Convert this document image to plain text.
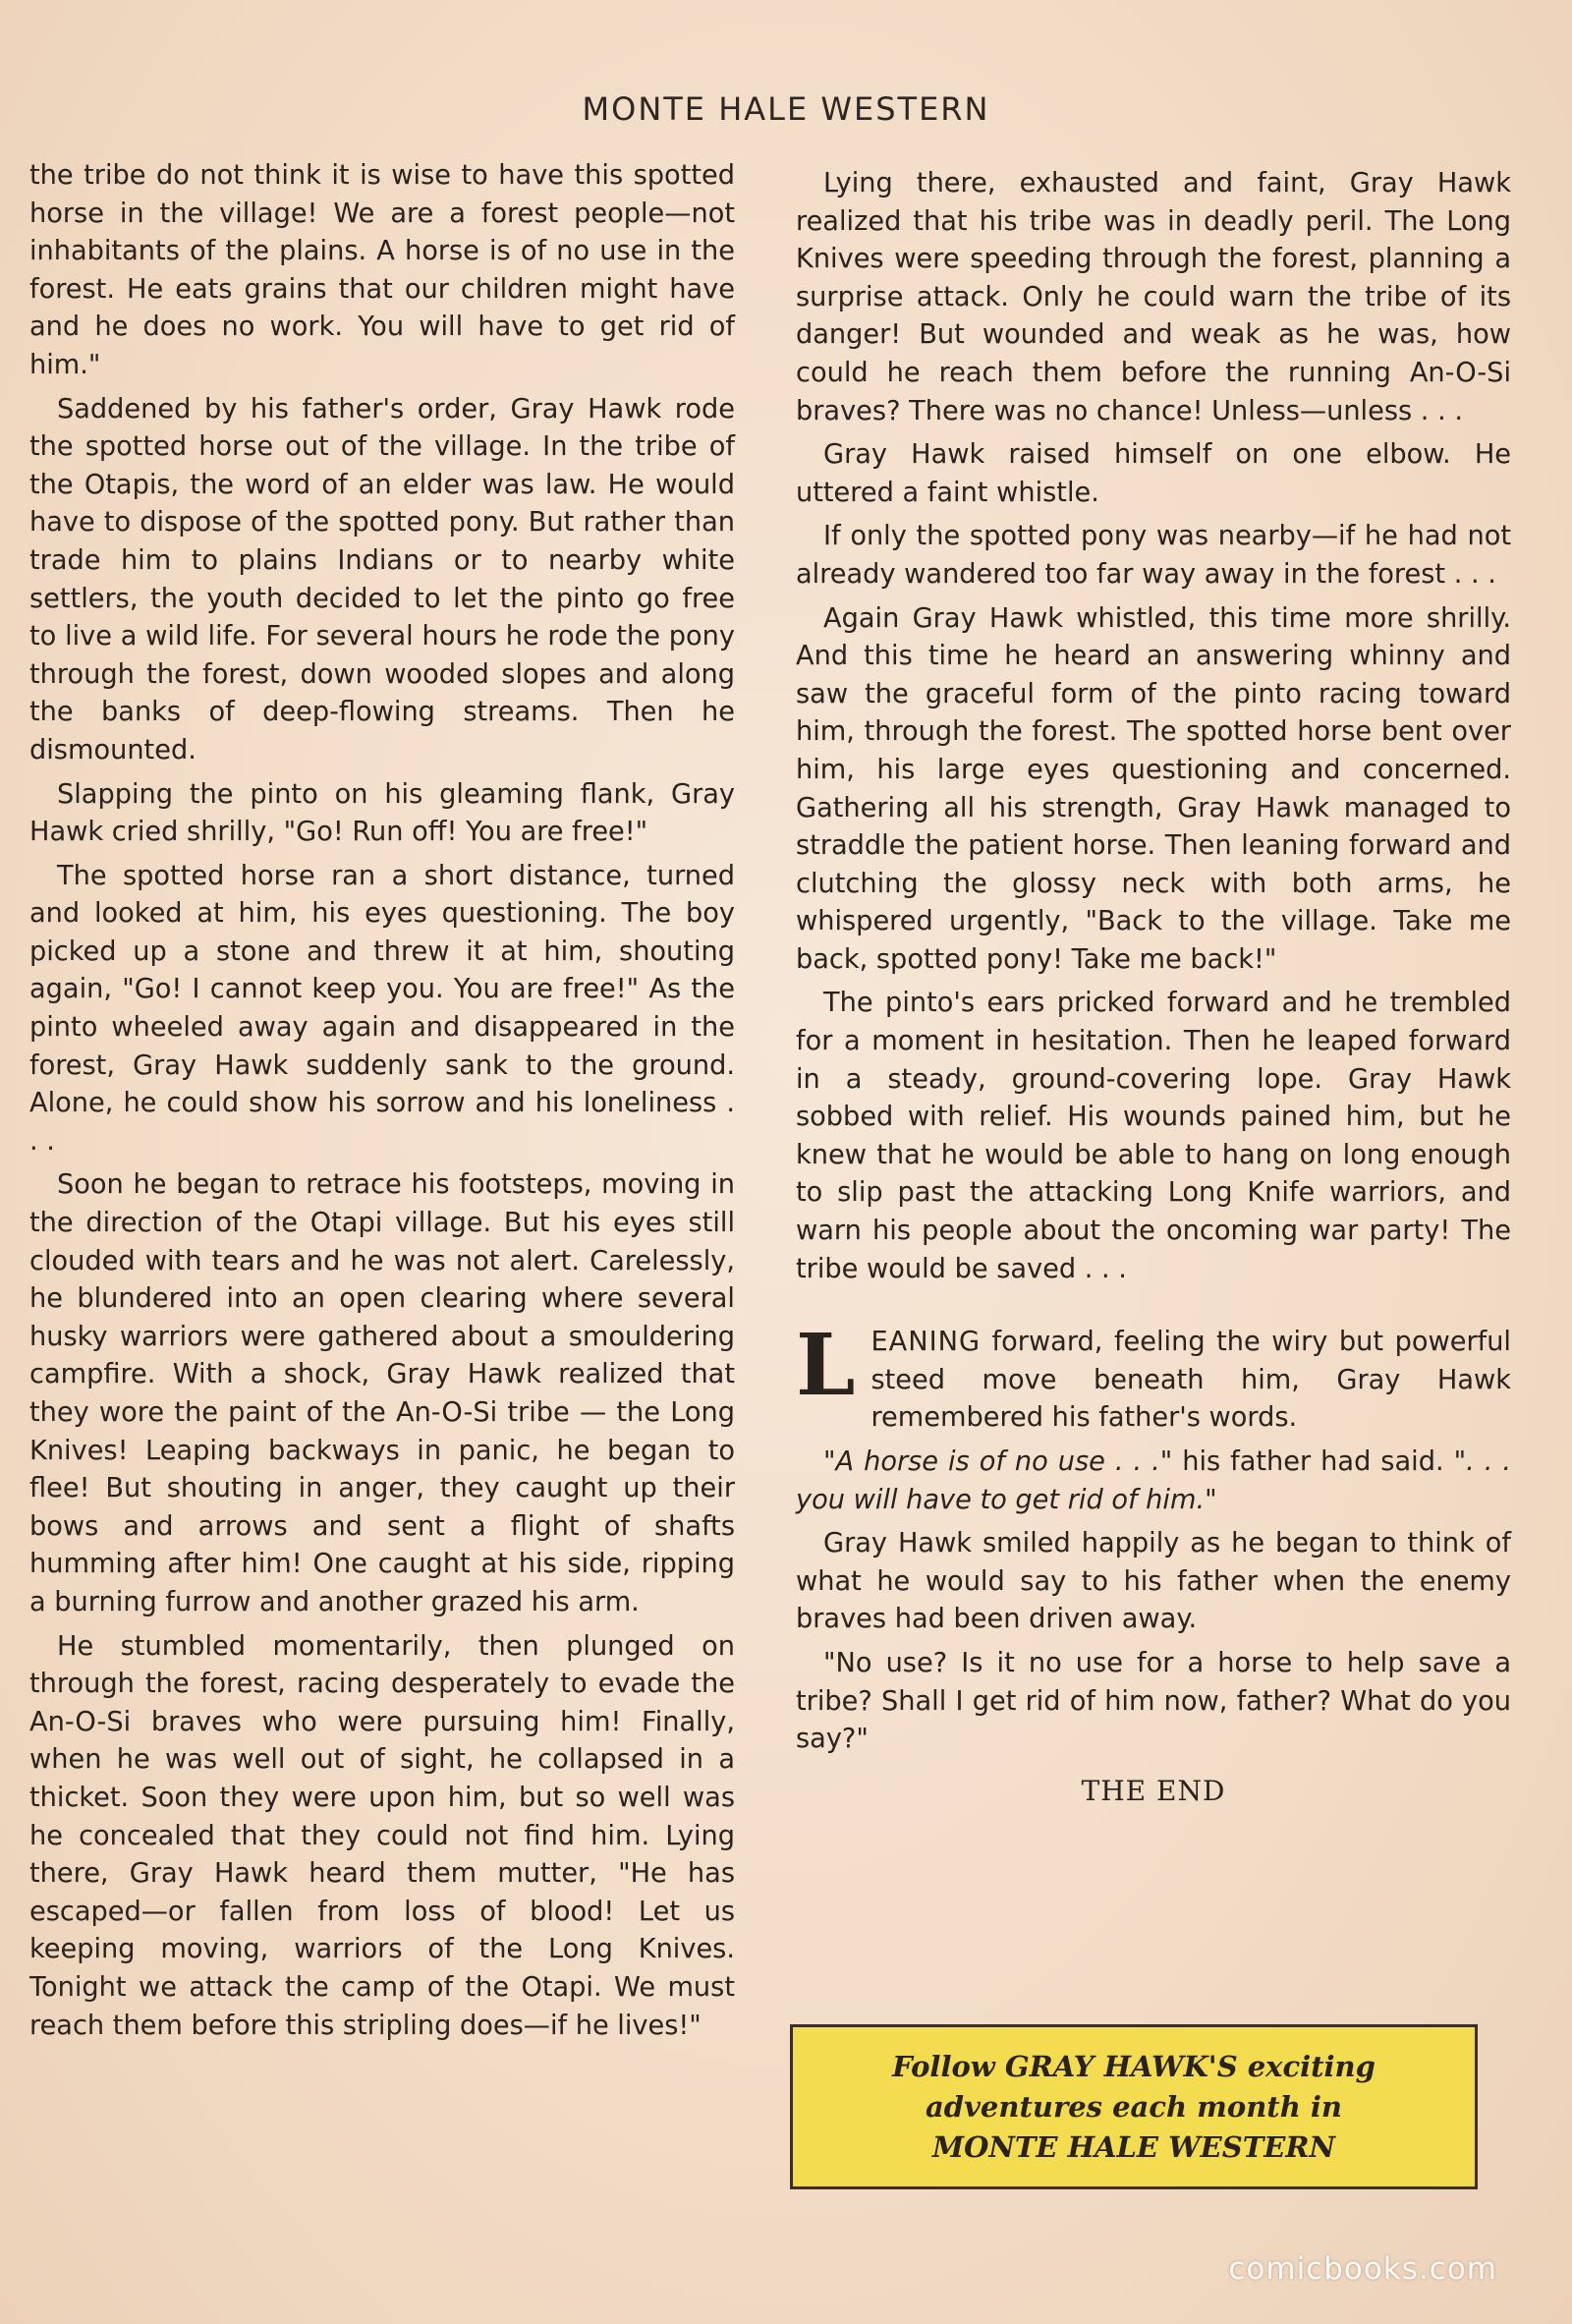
MONTE HALE WESTERN

the tribe do not think it is wise to have this spotted horse in the village! We are a forest people—not inhabitants of the plains. A horse is of no use in the forest. He eats grains that our children might have and he does no work. You will have to get rid of him."

Saddened by his father's order, Gray Hawk rode the spotted horse out of the village. In the tribe of the Otapis, the word of an elder was law. He would have to dispose of the spotted pony. But rather than trade him to plains Indians or to nearby white settlers, the youth decided to let the pinto go free to live a wild life. For several hours he rode the pony through the forest, down wooded slopes and along the banks of deep-flowing streams. Then he dismounted.

Slapping the pinto on his gleaming flank, Gray Hawk cried shrilly, "Go! Run off! You are free!"

The spotted horse ran a short distance, turned and looked at him, his eyes questioning. The boy picked up a stone and threw it at him, shouting again, "Go! I cannot keep you. You are free!" As the pinto wheeled away again and disappeared in the forest, Gray Hawk suddenly sank to the ground. Alone, he could show his sorrow and his loneliness . . .

Soon he began to retrace his footsteps, moving in the direction of the Otapi village. But his eyes still clouded with tears and he was not alert. Carelessly, he blundered into an open clearing where several husky warriors were gathered about a smouldering campfire. With a shock, Gray Hawk realized that they wore the paint of the An-O-Si tribe — the Long Knives! Leaping backways in panic, he began to flee! But shouting in anger, they caught up their bows and arrows and sent a flight of shafts humming after him! One caught at his side, ripping a burning furrow and another grazed his arm.

He stumbled momentarily, then plunged on through the forest, racing desperately to evade the An-O-Si braves who were pursuing him! Finally, when he was well out of sight, he collapsed in a thicket. Soon they were upon him, but so well was he concealed that they could not find him. Lying there, Gray Hawk heard them mutter, "He has escaped—or fallen from loss of blood! Let us keeping moving, warriors of the Long Knives. Tonight we attack the camp of the Otapi. We must reach them before this stripling does—if he lives!"

Lying there, exhausted and faint, Gray Hawk realized that his tribe was in deadly peril. The Long Knives were speeding through the forest, planning a surprise attack. Only he could warn the tribe of its danger! But wounded and weak as he was, how could he reach them before the running An-O-Si braves? There was no chance! Unless—unless . . .

Gray Hawk raised himself on one elbow. He uttered a faint whistle.

If only the spotted pony was nearby—if he had not already wandered too far way away in the forest . . .

Again Gray Hawk whistled, this time more shrilly. And this time he heard an answering whinny and saw the graceful form of the pinto racing toward him, through the forest. The spotted horse bent over him, his large eyes questioning and concerned. Gathering all his strength, Gray Hawk managed to straddle the patient horse. Then leaning forward and clutching the glossy neck with both arms, he whispered urgently, "Back to the village. Take me back, spotted pony! Take me back!"

The pinto's ears pricked forward and he trembled for a moment in hesitation. Then he leaped forward in a steady, ground-covering lope. Gray Hawk sobbed with relief. His wounds pained him, but he knew that he would be able to hang on long enough to slip past the attacking Long Knife warriors, and warn his people about the oncoming war party! The tribe would be saved . . .

LEANING forward, feeling the wiry but powerful steed move beneath him, Gray Hawk remembered his father's words.

"A horse is of no use . . ." his father had said. ". . . you will have to get rid of him."

Gray Hawk smiled happily as he began to think of what he would say to his father when the enemy braves had been driven away.

"No use? Is it no use for a horse to help save a tribe? Shall I get rid of him now, father? What do you say?"

THE END
Follow GRAY HAWK'S exciting
adventures each month in
MONTE HALE WESTERN
comicbooks.com
